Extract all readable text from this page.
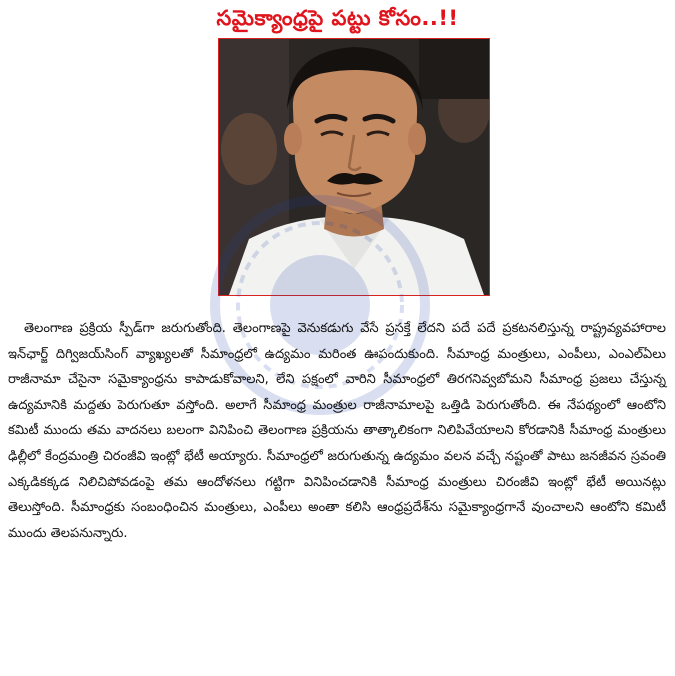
సమైక్యాంధ్రపై పట్టు కోసం..!!

తెలంగాణ ప్రక్రియ స్పీడ్‌గా జరుగుతోంది. తెలంగాణపై వెనుకడుగు వేసే ప్రసక్తే లేదని పదే పదే ప్రకటనలిస్తున్న రాష్ట్రవ్యవహారాల ఇన్‌ఛార్జ్ దిగ్విజయ్‌సింగ్ వ్యాఖ్యలతో సీమాంధ్రలో ఉద్యమం మరింత ఊపందుకుంది. సీమాంధ్ర మంత్రులు, ఎంపీలు, ఎంఎల్ఏలు రాజీనామా చేసైనా సమైక్యాంధ్రను కాపాడుకోవాలని, లేని పక్షంలో వారిని సీమాంధ్రలో తిరగనివ్వబోమని సీమాంధ్ర ప్రజలు చేస్తున్న ఉద్యమానికి మద్దతు పెరుగుతూ వస్తోంది. అలాగే సీమాంధ్ర మంత్రుల రాజీనామాలపై ఒత్తిడి పెరుగుతోంది. ఈ నేపథ్యంలో ఆంటోని కమిటీ ముందు తమ వాదనలు బలంగా వినిపించి తెలంగాణ ప్రక్రియను తాత్కాలికంగా నిలిపివేయాలని కోరడానికి సీమాంధ్ర మంత్రులు ఢిల్లీలో కేంద్రమంత్రి చిరంజీవి ఇంట్లో భేటీ అయ్యారు. సీమాంధ్రలో జరుగుతున్న ఉద్యమం వలన వచ్చే నష్టంతో పాటు జనజీవన స్రవంతి ఎక్కడికక్కడ నిలిచిపోవడంపై తమ ఆందోళనలు గట్టిగా వినిపించడానికి సీమాంధ్ర మంత్రులు చిరంజీవి ఇంట్లో భేటీ అయినట్లు తెలుస్తోంది. సీమాంధ్రకు సంబంధించిన మంత్రులు, ఎంపీలు అంతా కలిసి ఆంధ్రప్రదేశ్‌ను సమైక్యాంధ్రగానే వుంచాలని ఆంటోని కమిటీ ముందు తెలపనున్నారు.
